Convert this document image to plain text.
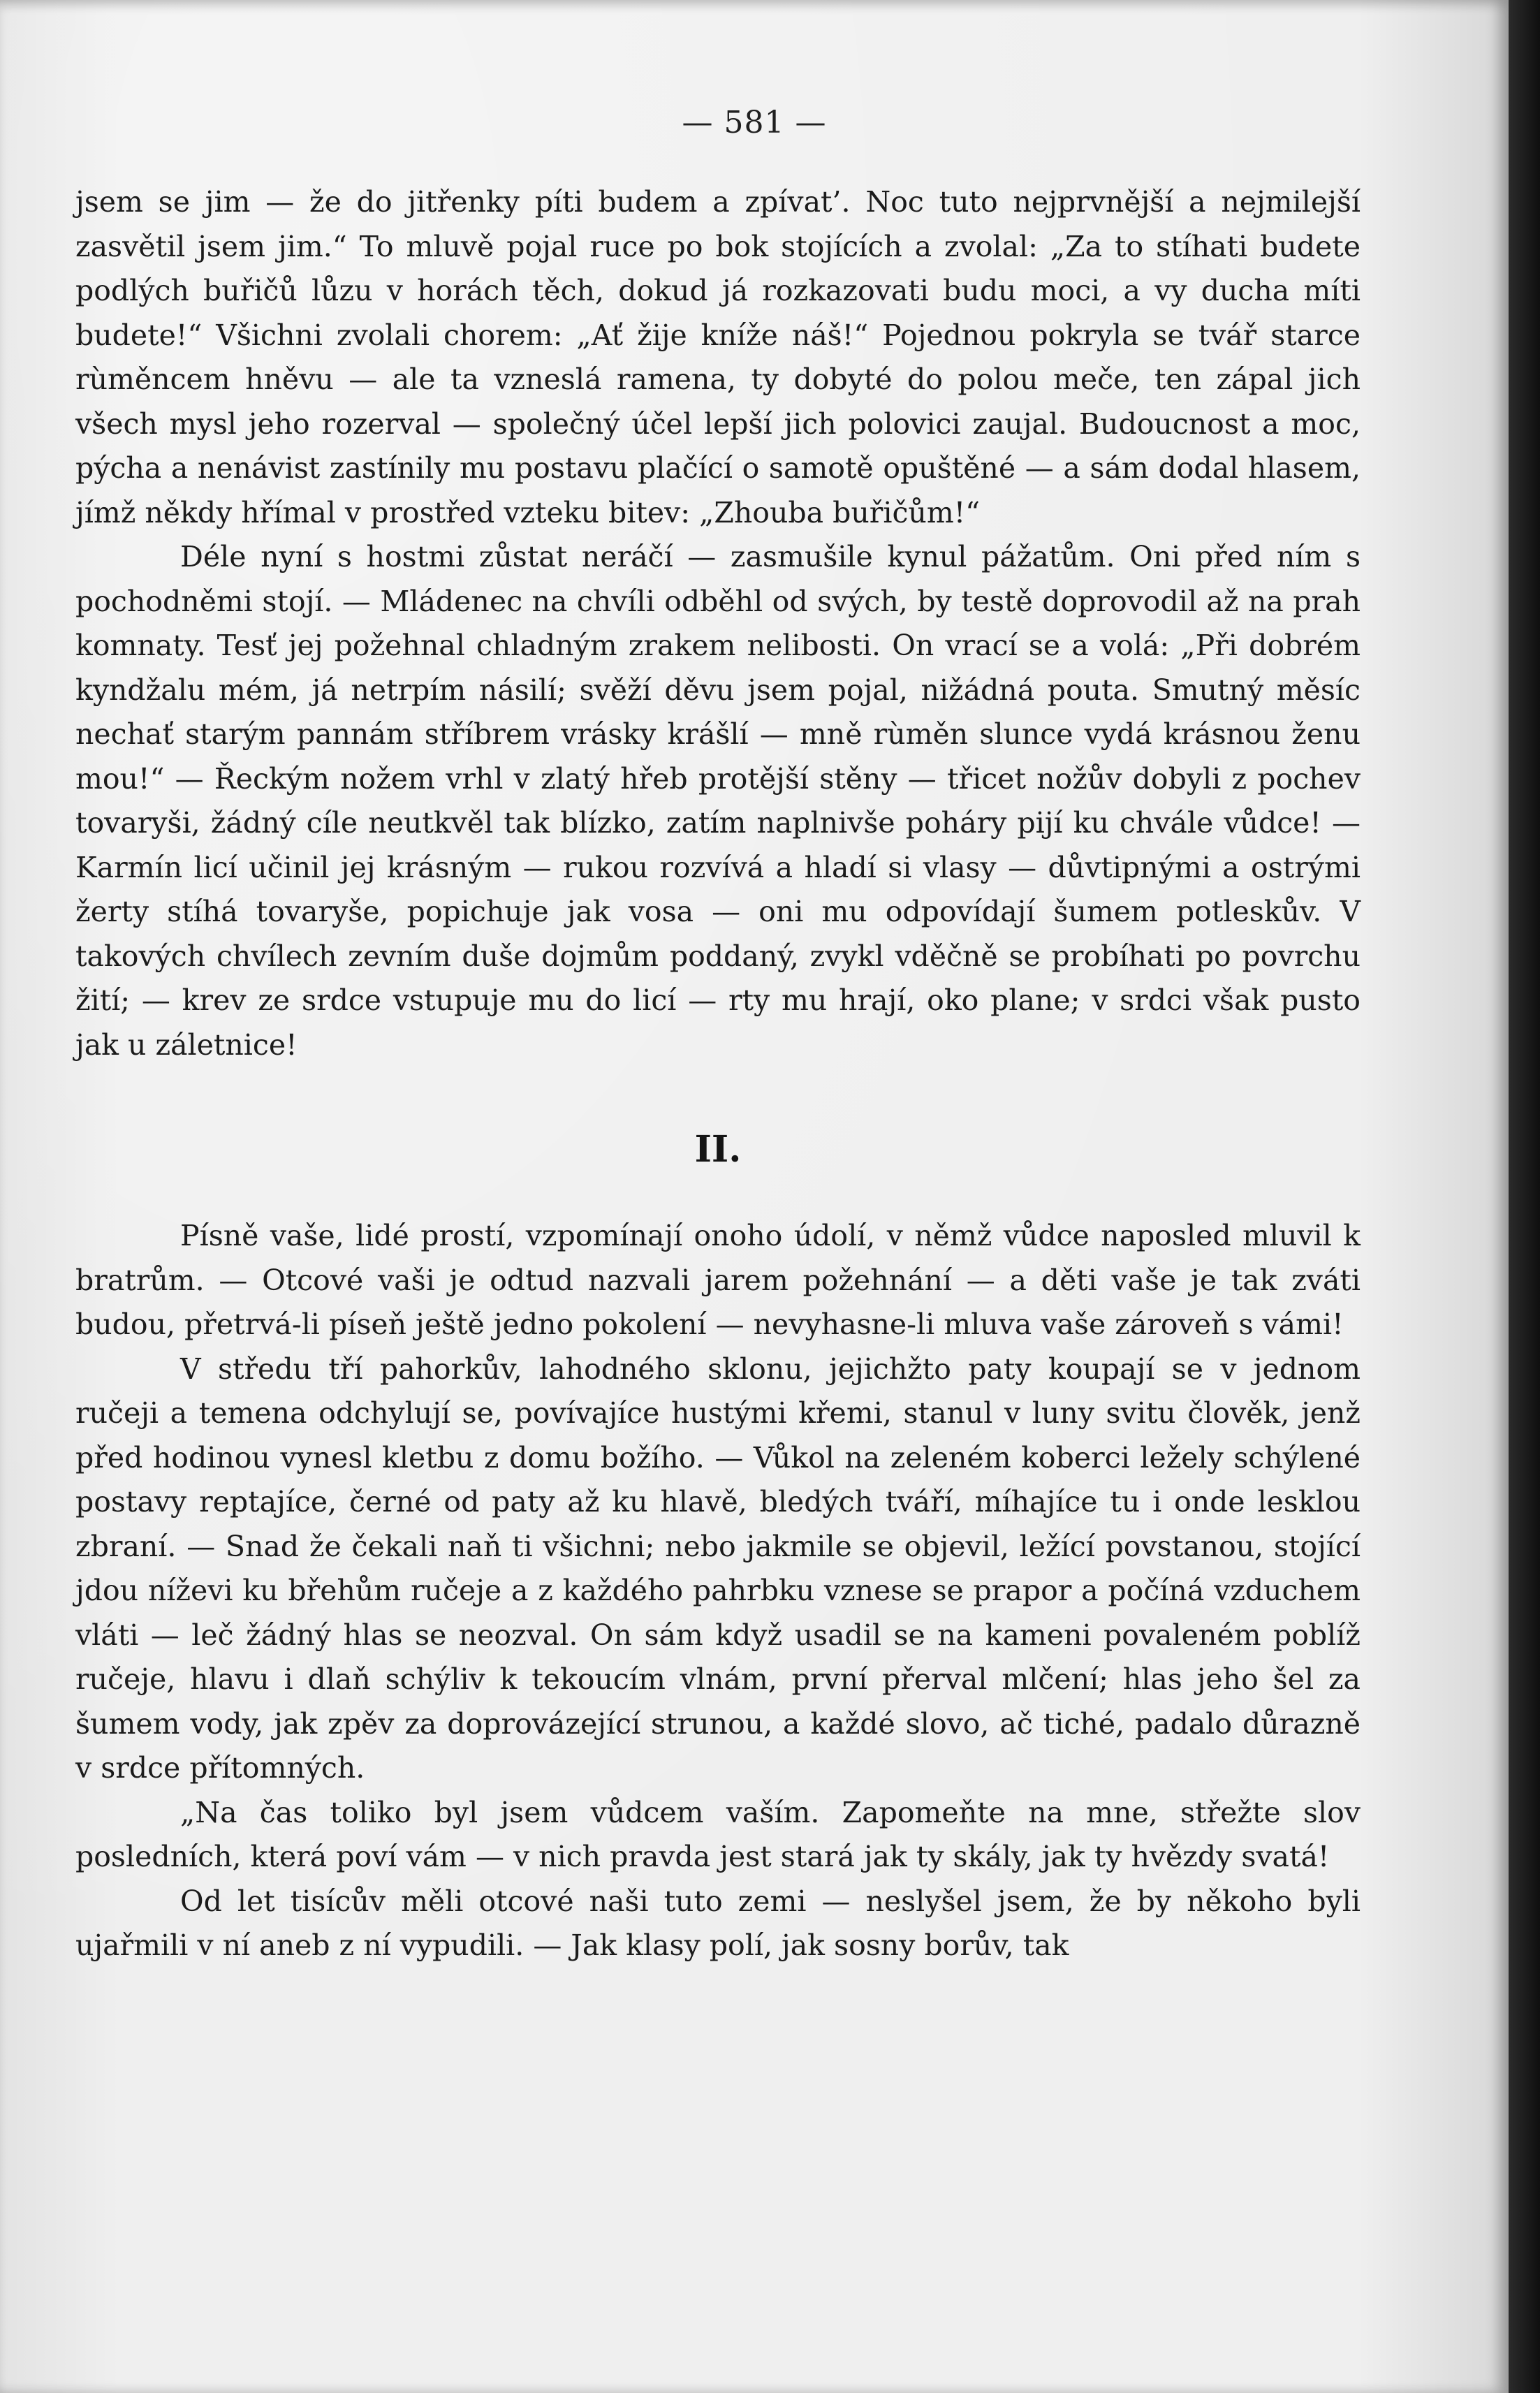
— 581 —

jsem se jim — že do jitřenky píti budem a zpívat’. Noc tuto nejprvnější a nejmilejší zasvětil jsem jim.“ To mluvě pojal ruce po bok stojících a zvolal: „Za to stíhati budete podlých buřičů lůzu v horách těch, dokud já rozkazovati budu moci, a vy ducha míti budete!“ Všichni zvolali chorem: „Ať žije kníže náš!“ Pojednou pokryla se tvář starce rùměncem hněvu — ale ta vzneslá ramena, ty dobyté do polou meče, ten zápal jich všech mysl jeho rozerval — společný účel lepší jich polovici zaujal. Budoucnost a moc, pýcha a nenávist zastínily mu postavu plačící o samotě opuštěné — a sám dodal hlasem, jímž někdy hřímal v prostřed vzteku bitev: „Zhouba buřičům!“

Déle nyní s hostmi zůstat neráčí — zasmušile kynul pážatům. Oni před ním s pochodněmi stojí. — Mládenec na chvíli odběhl od svých, by testě doprovodil až na prah komnaty. Tesť jej požehnal chladným zrakem nelibosti. On vrací se a volá: „Při dobrém kyndžalu mém, já netrpím násilí; svěží děvu jsem pojal, nižádná pouta. Smutný měsíc nechať starým pannám stříbrem vrásky krášlí — mně rùměn slunce vydá krásnou ženu mou!“ — Řeckým nožem vrhl v zlatý hřeb protější stěny — třicet nožův dobyli z pochev tovaryši, žádný cíle neutkvěl tak blízko, zatím naplnivše poháry pijí ku chvále vůdce! — Karmín licí učinil jej krásným — rukou rozvívá a hladí si vlasy — důvtipnými a ostrými žerty stíhá tovaryše, popichuje jak vosa — oni mu odpovídají šumem potleskův. V takových chvílech zevním duše dojmům poddaný, zvykl vděčně se probíhati po povrchu žití; — krev ze srdce vstupuje mu do licí — rty mu hrají, oko plane; v srdci však pusto jak u záletnice!

II.

Písně vaše, lidé prostí, vzpomínají onoho údolí, v němž vůdce naposled mluvil k bratrům. — Otcové vaši je odtud nazvali jarem požehnání — a děti vaše je tak zváti budou, přetrvá-li píseň ještě jedno pokolení — nevyhasne-li mluva vaše zároveň s vámi!

V středu tří pahorkův, lahodného sklonu, jejichžto paty koupají se v jednom ručeji a temena odchylují se, povívajíce hustými křemi, stanul v luny svitu člověk, jenž před hodinou vynesl kletbu z domu božího. — Vůkol na zeleném koberci ležely schýlené postavy reptajíce, černé od paty až ku hlavě, bledých tváří, míhajíce tu i onde lesklou zbraní. — Snad že čekali naň ti všichni; nebo jakmile se objevil, ležící povstanou, stojící jdou níževi ku břehům ručeje a z každého pahrbku vznese se prapor a počíná vzduchem vláti — leč žádný hlas se neozval. On sám když usadil se na kameni povaleném poblíž ručeje, hlavu i dlaň schýliv k tekoucím vlnám, první přerval mlčení; hlas jeho šel za šumem vody, jak zpěv za doprovázející strunou, a každé slovo, ač tiché, padalo důrazně v srdce přítomných.

„Na čas toliko byl jsem vůdcem vaším. Zapomeňte na mne, střežte slov posledních, která poví vám — v nich pravda jest stará jak ty skály, jak ty hvězdy svatá!

Od let tisícův měli otcové naši tuto zemi — neslyšel jsem, že by někoho byli ujařmili v ní aneb z ní vypudili. — Jak klasy polí, jak sosny borův, tak
